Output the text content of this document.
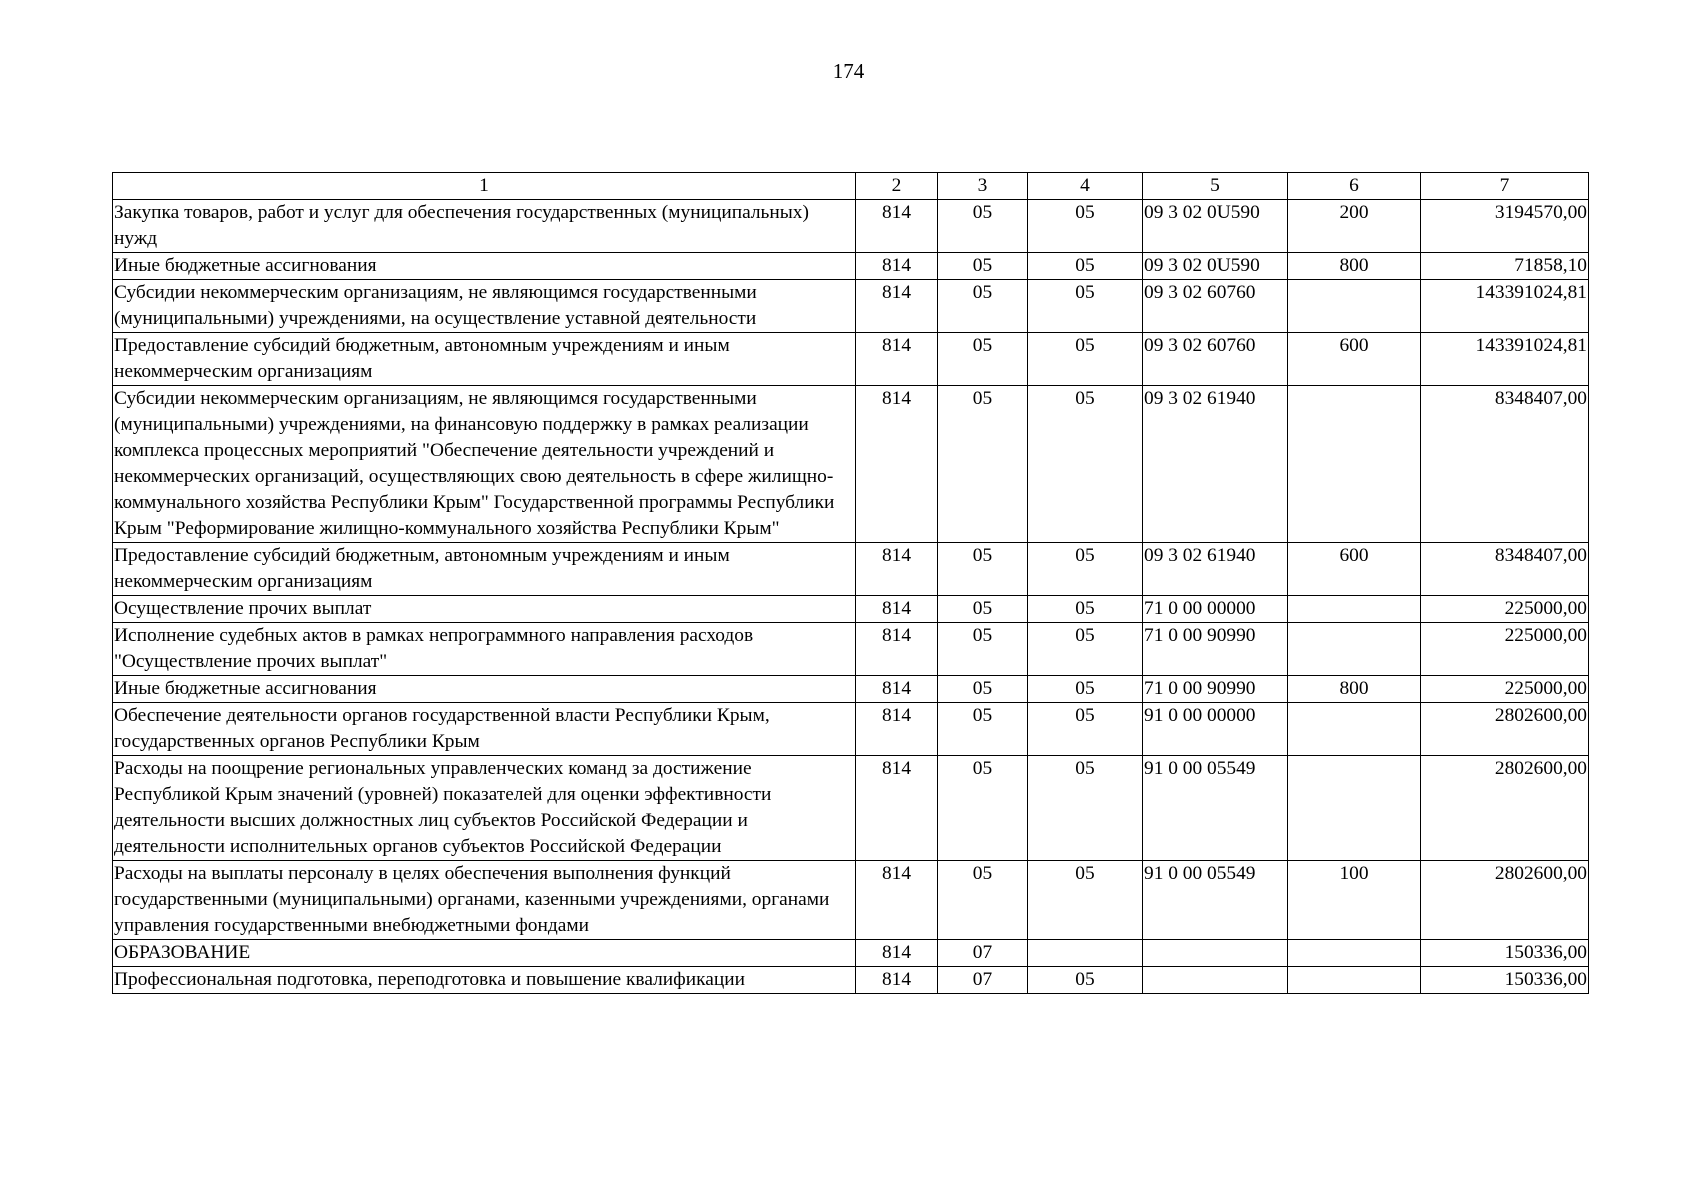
174
1	2	3	4	5	6	7
Закупка товаров, работ и услуг для обеспечения государственных (муниципальных) нужд	814	05	05	09 3 02 0U590	200	3194570,00
Иные бюджетные ассигнования	814	05	05	09 3 02 0U590	800	71858,10
Субсидии некоммерческим организациям, не являющимся государственными (муниципальными) учреждениями, на осуществление уставной деятельности	814	05	05	09 3 02 60760		143391024,81
Предоставление субсидий бюджетным, автономным учреждениям и иным некоммерческим организациям	814	05	05	09 3 02 60760	600	143391024,81
Субсидии некоммерческим организациям, не являющимся государственными (муниципальными) учреждениями, на финансовую поддержку в рамках реализации комплекса процессных мероприятий "Обеспечение деятельности учреждений и некоммерческих организаций, осуществляющих свою деятельность в сфере жилищно-коммунального хозяйства Республики Крым" Государственной программы Республики Крым "Реформирование жилищно-коммунального хозяйства Республики Крым"	814	05	05	09 3 02 61940		8348407,00
Предоставление субсидий бюджетным, автономным учреждениям и иным некоммерческим организациям	814	05	05	09 3 02 61940	600	8348407,00
Осуществление прочих выплат	814	05	05	71 0 00 00000		225000,00
Исполнение судебных актов в рамках непрограммного направления расходов "Осуществление прочих выплат"	814	05	05	71 0 00 90990		225000,00
Иные бюджетные ассигнования	814	05	05	71 0 00 90990	800	225000,00
Обеспечение деятельности органов государственной власти Республики Крым, государственных органов Республики Крым	814	05	05	91 0 00 00000		2802600,00
Расходы на поощрение региональных управленческих команд за достижение Республикой Крым значений (уровней) показателей для оценки эффективности деятельности высших должностных лиц субъектов Российской Федерации и деятельности исполнительных органов субъектов Российской Федерации	814	05	05	91 0 00 05549		2802600,00
Расходы на выплаты персоналу в целях обеспечения выполнения функций государственными (муниципальными) органами, казенными учреждениями, органами управления государственными внебюджетными фондами	814	05	05	91 0 00 05549	100	2802600,00
ОБРАЗОВАНИЕ	814	07				150336,00
Профессиональная подготовка, переподготовка и повышение квалификации	814	07	05			150336,00
